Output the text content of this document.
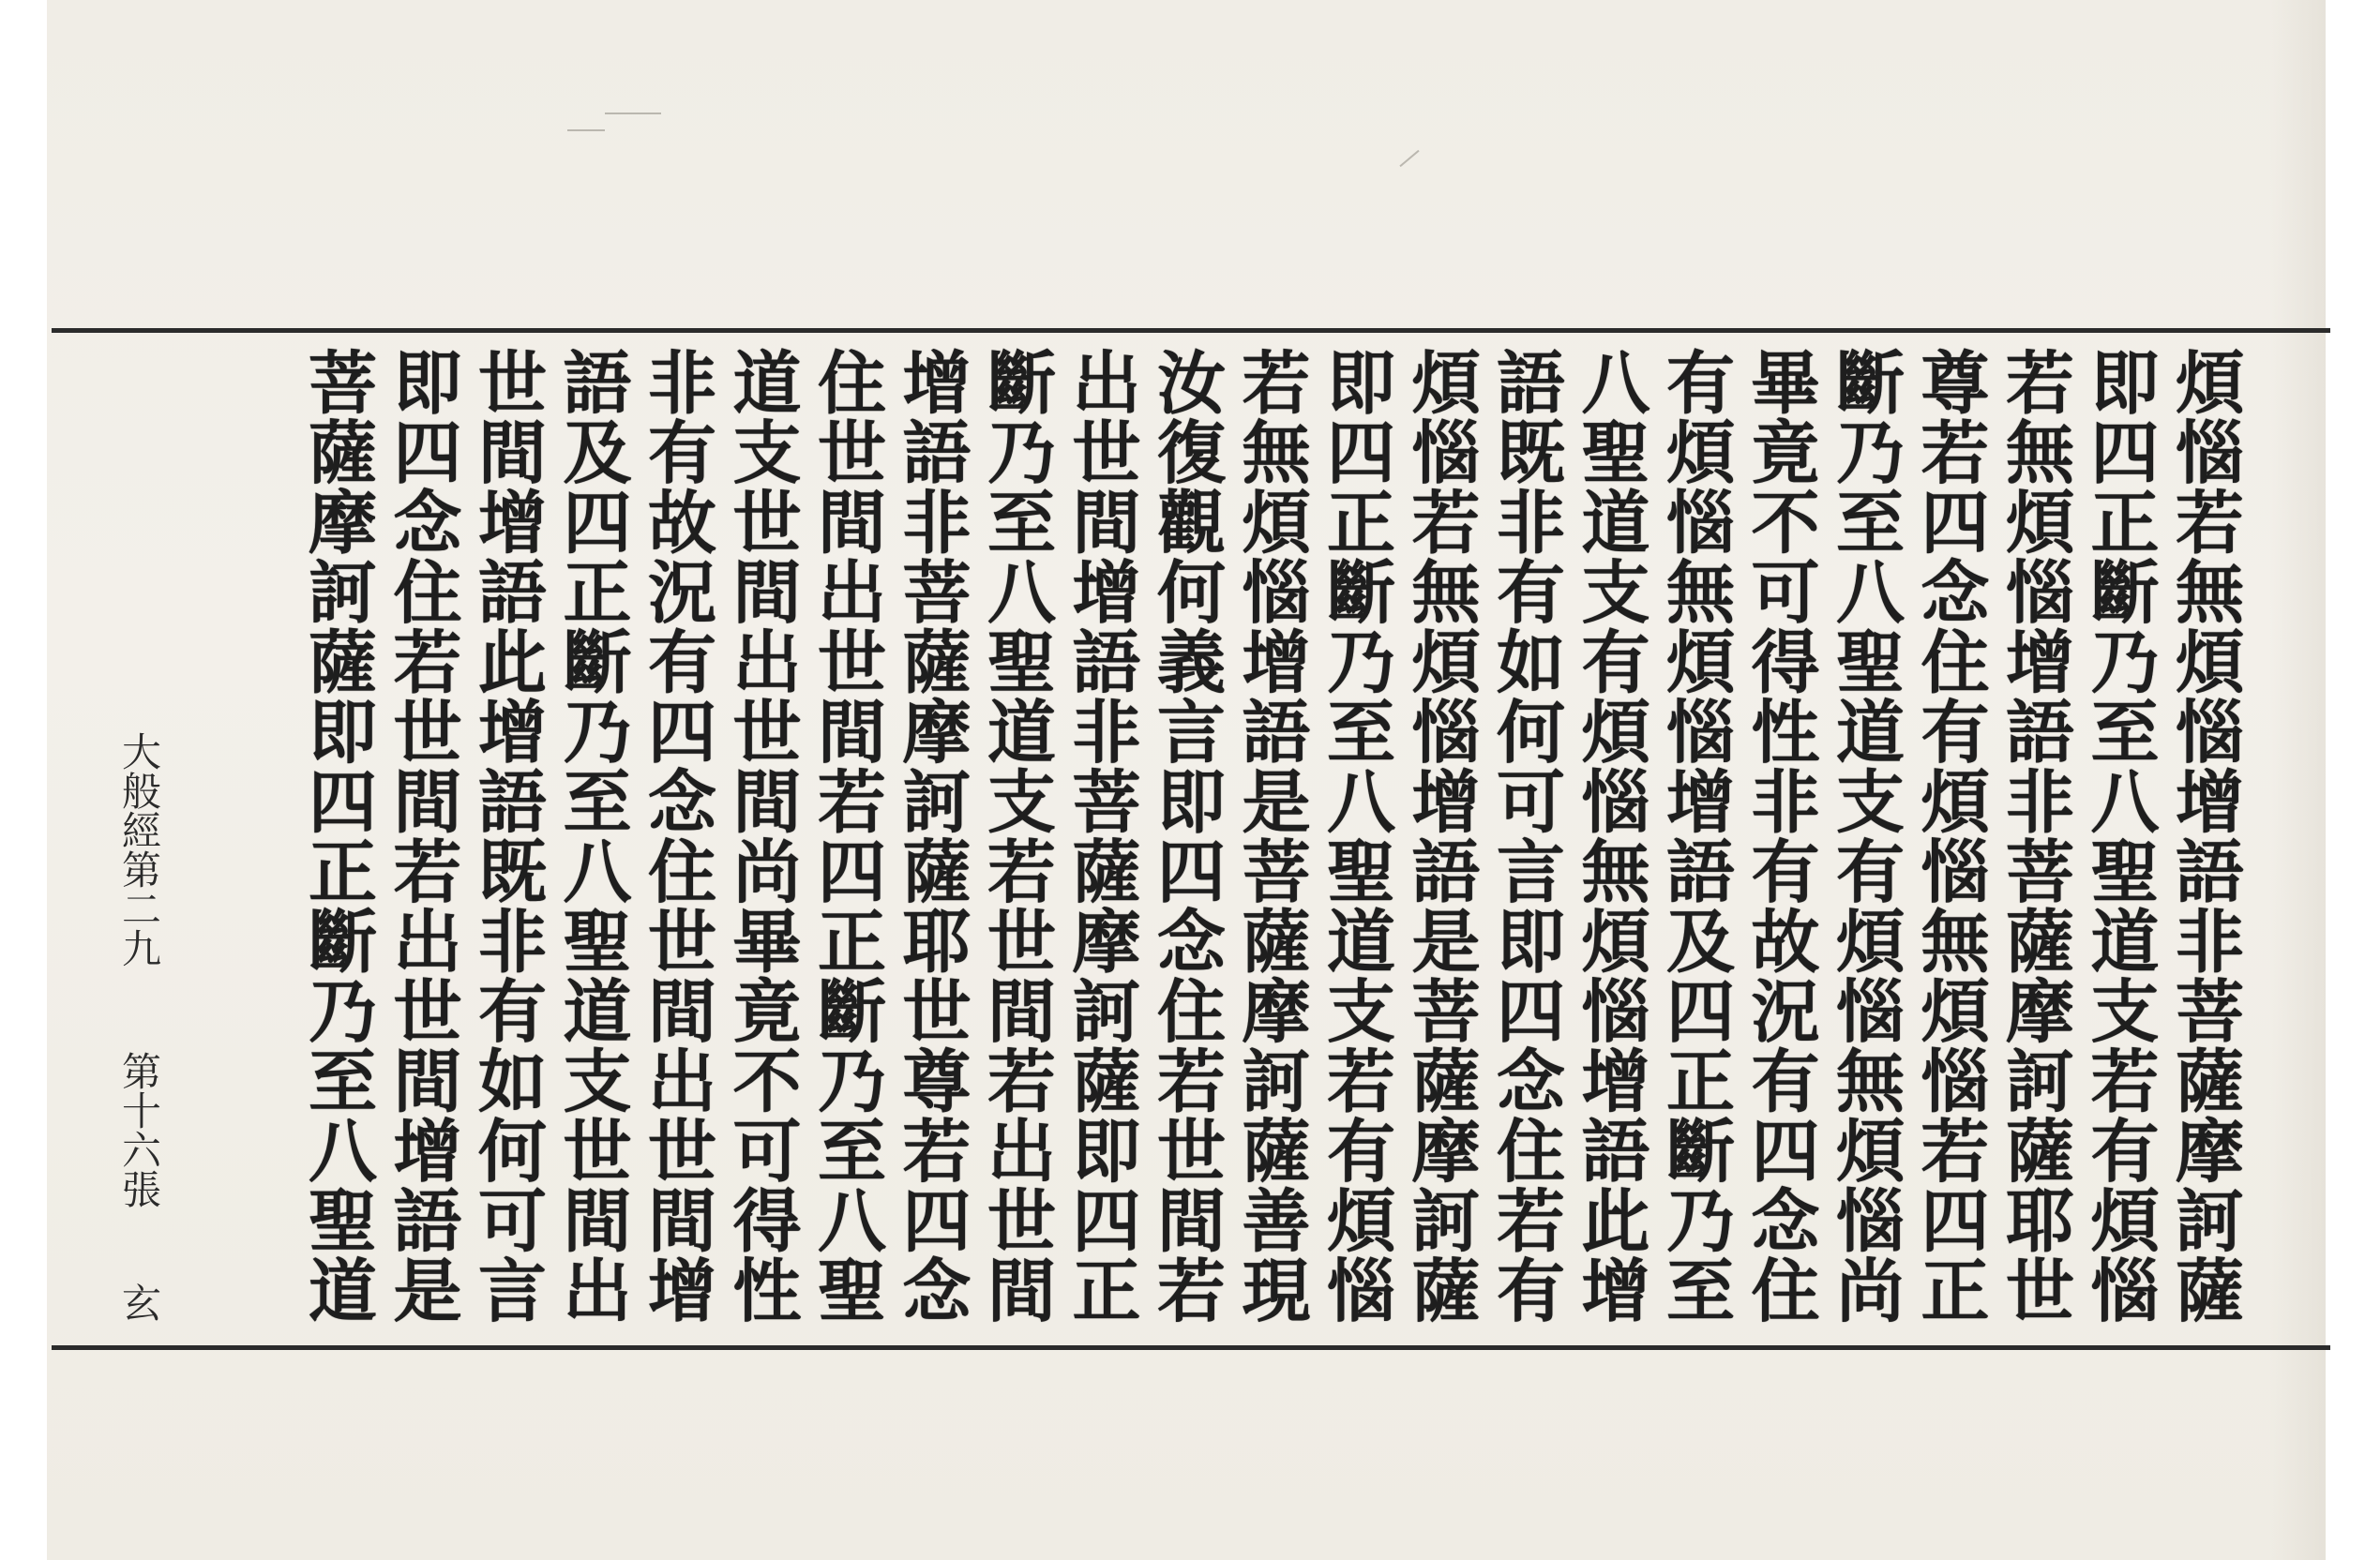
煩惱若無煩惱增語非菩薩摩訶薩
即四正斷乃至八聖道支若有煩惱
若無煩惱增語非菩薩摩訶薩耶世
尊若四念住有煩惱無煩惱若四正
斷乃至八聖道支有煩惱無煩惱尚
畢竟不可得性非有故況有四念住
有煩惱無煩惱增語及四正斷乃至
八聖道支有煩惱無煩惱增語此增
語既非有如何可言即四念住若有
煩惱若無煩惱增語是菩薩摩訶薩
即四正斷乃至八聖道支若有煩惱
若無煩惱增語是菩薩摩訶薩善現
汝復觀何義言即四念住若世間若
出世間增語非菩薩摩訶薩即四正
斷乃至八聖道支若世間若出世間
增語非菩薩摩訶薩耶世尊若四念
住世間出世間若四正斷乃至八聖
道支世間出世間尚畢竟不可得性
非有故況有四念住世間出世間增
語及四正斷乃至八聖道支世間出
世間增語此增語既非有如何可言
即四念住若世間若出世間增語是
菩薩摩訶薩即四正斷乃至八聖道
大般經第二九 第十六張 玄
